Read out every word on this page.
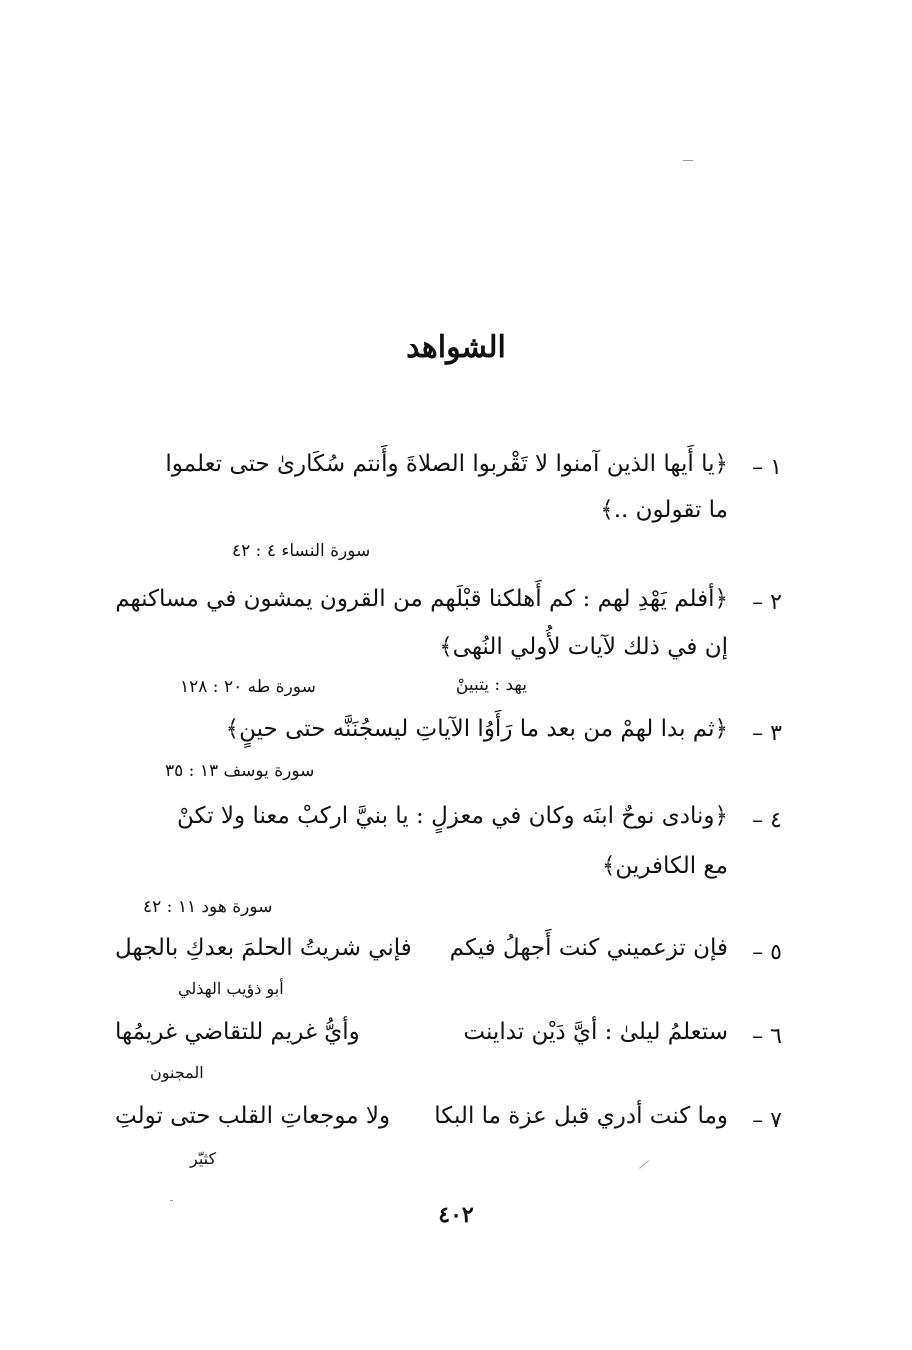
الشواهد
١ –
﴿يا أَيها الذين آمنوا لا تَقْربوا الصلاةَ وأَنتم سُكَارىٰ حتى تعلموا
ما تقولون ..﴾
سورة النساء ٤ : ٤٢
٢ –
﴿أفلم يَهْدِ لهم : كم أَهلكنا قبْلَهم من القرون يمشون في مساكنهم
إن في ذلك لآيات لأُولي النُهى﴾
يهد : يتبينْ
سورة طه ٢٠ : ١٢٨
٣ –
﴿ثم بدا لهمْ من بعد ما رَأَوُا الآياتِ ليسجُنَنَّه حتى حينٍ﴾
سورة يوسف ١٣ : ٣٥
٤ –
﴿ونادى نوحٌ ابنَه وكان في معزلٍ : يا بنيَّ اركبْ معنا ولا تكنْ
مع الكافرين﴾
سورة هود ١١ : ٤٢
٥ –
فإن تزعميني كنت أَجهلُ فيكم
فإني شريتُ الحلمَ بعدكِ بالجهل
أبو ذؤيب الهذلي
٦ –
ستعلمُ ليلىٰ : أيَّ دَيْن تداينت
وأيُّ غريم للتقاضي غريمُها
المجنون
٧ –
وما كنت أدري قبل عزة ما البكا
ولا موجعاتِ القلب حتى تولتِ
كثيّر
٤٠٢
